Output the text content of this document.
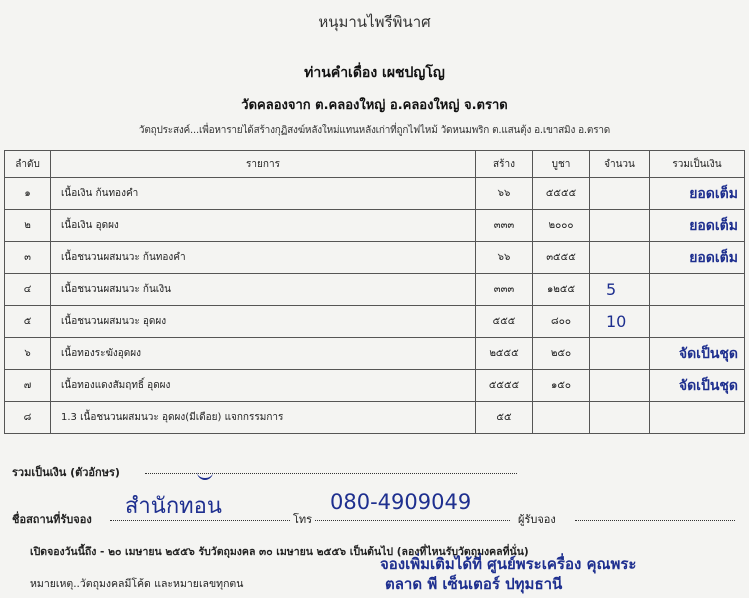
หนุมานไพรีพินาศ
ท่านคำเดื่อง เผชปญโญ
วัดคลองจาก ต.คลองใหญ่ อ.คลองใหญ่ จ.ตราด
วัตถุประสงค์...เพื่อหารายได้สร้างกุฏิสงฆ์หลังใหม่แทนหลังเก่าที่ถูกไฟไหม้ วัดหนมพริก ต.แสนตุ้ง อ.เขาสมิง อ.ตราด
ลำดับ	รายการ	สร้าง	บูชา	จำนวน	รวมเป็นเงิน
๑	เนื้อเงิน ก้นทองคำ	๖๖	๕๕๕๕		ยอดเต็ม

๒	เนื้อเงิน อุดผง	๓๓๓	๒๐๐๐		ยอดเต็ม

๓	เนื้อชนวนผสมนวะ ก้นทองคำ	๖๖	๓๕๕๕		ยอดเต็ม

๔	เนื้อชนวนผสมนวะ ก้นเงิน	๓๓๓	๑๒๕๕	5	

๕	เนื้อชนวนผสมนวะ อุดผง	๕๕๕	๘๐๐	10	

๖	เนื้อทองระฆังอุดผง	๒๕๕๕	๒๕๐		จัดเป็นชุด

๗	เนื้อทองแดงสัมฤทธิ์ อุดผง	๕๕๕๕	๑๕๐		จัดเป็นชุด

๘	1.3 เนื้อชนวนผสมนวะ อุดผง(มีเดือย) แจกกรรมการ	๕๕		

รวมเป็นเงิน (ตัวอักษร)
สำนักทอน	080-4909049
ชื่อสถานที่รับจอง	โทร	ผู้รับจอง
เปิดจองวันนี้ถึง - ๒๐ เมษายน ๒๕๕๖ รับวัตถุมงคล ๓๐ เมษายน ๒๕๕๖ เป็นต้นไป (ลองที่ไหนรับวัตถุมงคลที่นั่น)
จองเพิ่มเติมได้ที่ ศูนย์พระเครื่อง คุณพระ
หมายเหตุ..วัตถุมงคลมีโค้ด และหมายเลขทุกตน	ตลาด พี เซ็นเตอร์ ปทุมธานี
